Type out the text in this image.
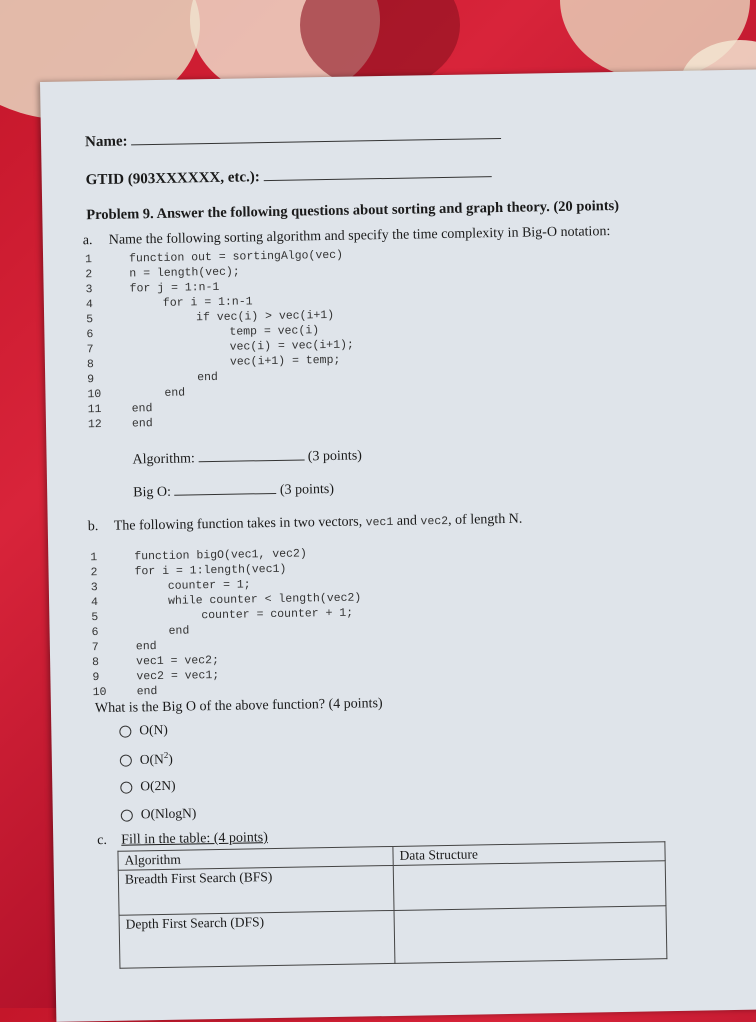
Name:
GTID (903XXXXXX, etc.):
Problem 9. Answer the following questions about sorting and graph theory. (20 points)
a. Name the following sorting algorithm and specify the time complexity in Big-O notation:
1	function out = sortingAlgo(vec)
2	n = length(vec);
3	for j = 1:n-1
4	for i = 1:n-1
5	if vec(i) > vec(i+1)
6	temp = vec(i)
7	vec(i) = vec(i+1);
8	vec(i+1) = temp;
9	end
10	end
11	end
12	end
Algorithm:	(3 points)
Big O:	(3 points)
b. The following function takes in two vectors, vec1 and vec2, of length N.
1	function bigO(vec1, vec2)
2	for i = 1:length(vec1)
3	counter = 1;
4	while counter < length(vec2)
5	counter = counter + 1;
6	end
7	end
8	vec1 = vec2;
9	vec2 = vec1;
10	end
What is the Big O of the above function? (4 points)
O(N)
$O(N^2)$
O(2N)
O(NlogN)
c. Fill in the table: (4 points)
Algorithm	Data Structure
Breadth First Search (BFS)	
Depth First Search (DFS)	
